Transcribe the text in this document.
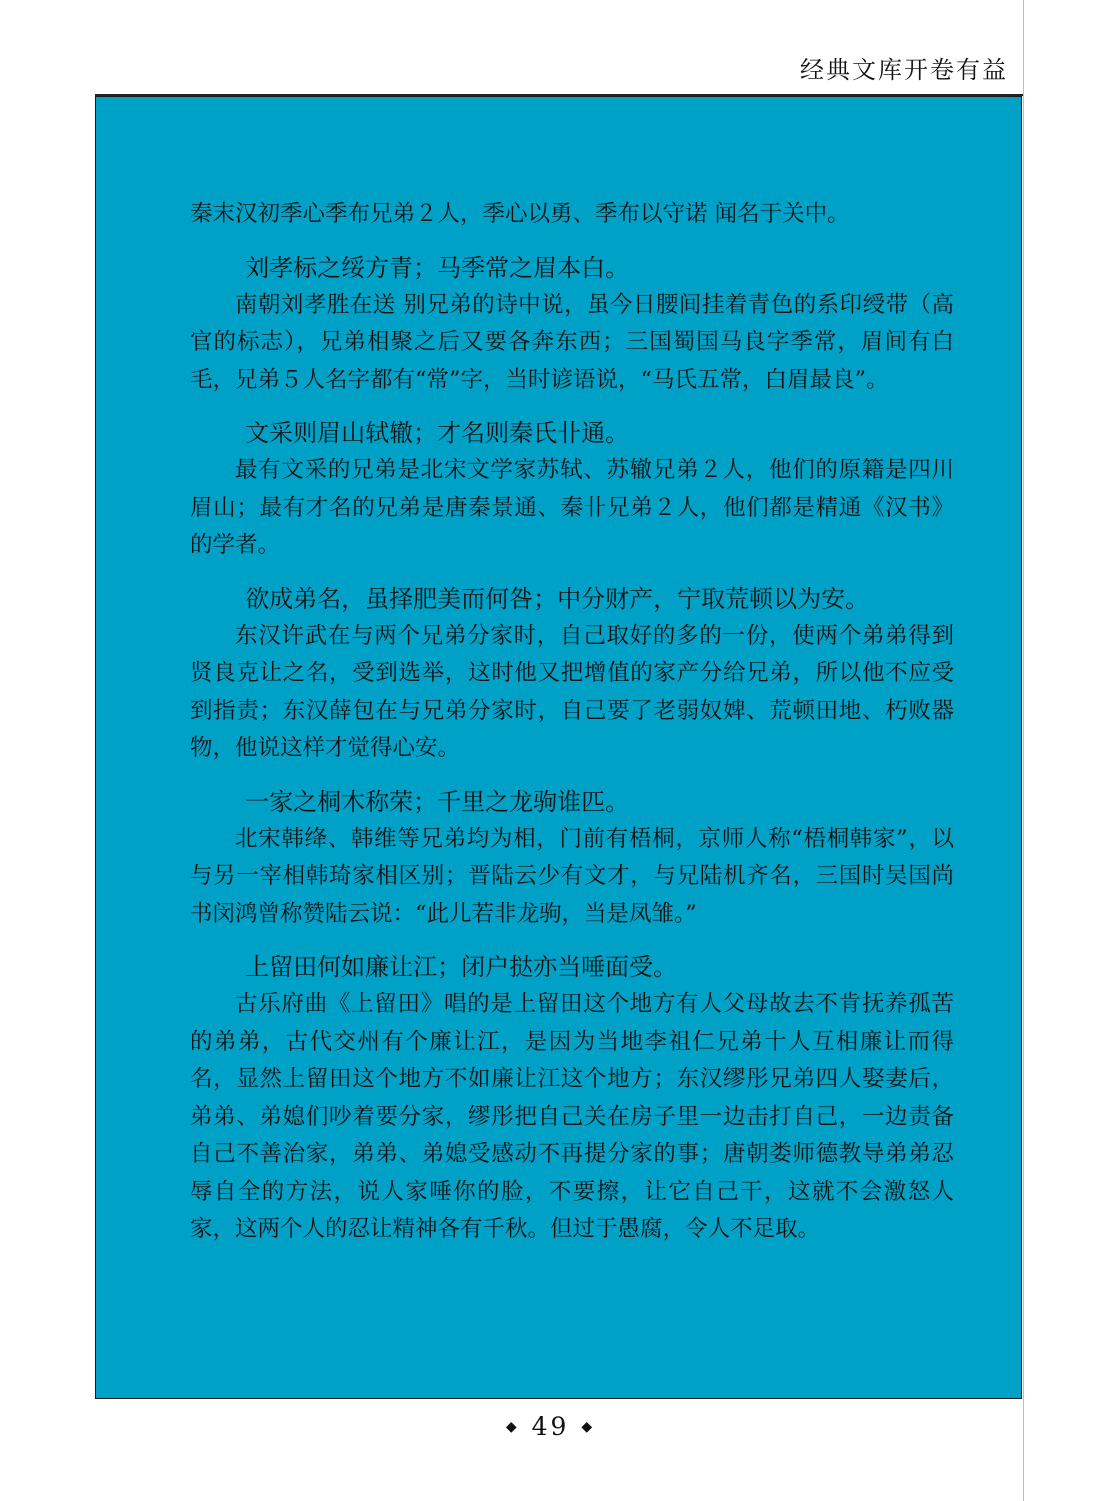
经典文库开卷有益

秦末汉初季心季布兄弟２人，季心以勇、季布以守诺 闻名于关中。

刘孝标之绥方青；马季常之眉本白。

南朝刘孝胜在送 别兄弟的诗中说，虽今日腰间挂着青色的系印绶带（高官的标志），兄弟相聚之后又要各奔东西；三国蜀国马良字季常，眉间有白毛，兄弟５人名字都有“常”字，当时谚语说，“马氏五常，白眉最良”。

文采则眉山轼辙；才名则秦氏卝通。

最有文采的兄弟是北宋文学家苏轼、苏辙兄弟２人，他们的原籍是四川眉山；最有才名的兄弟是唐秦景通、秦卝兄弟２人，他们都是精通《汉书》的学者。

欲成弟名，虽择肥美而何咎；中分财产，宁取荒顿以为安。

东汉许武在与两个兄弟分家时，自己取好的多的一份，使两个弟弟得到贤良克让之名，受到选举，这时他又把增值的家产分给兄弟，所以他不应受到指责；东汉薛包在与兄弟分家时，自己要了老弱奴婢、荒顿田地、朽败器物，他说这样才觉得心安。

一家之桐木称荣；千里之龙驹谁匹。

北宋韩绛、韩维等兄弟均为相，门前有梧桐，京师人称“梧桐韩家”，以与另一宰相韩琦家相区别；晋陆云少有文才，与兄陆机齐名，三国时吴国尚书闵鸿曾称赞陆云说：“此儿若非龙驹，当是凤雏。”

上留田何如廉让江；闭户挞亦当唾面受。

古乐府曲《上留田》唱的是上留田这个地方有人父母故去不肯抚养孤苦的弟弟，古代交州有个廉让江，是因为当地李祖仁兄弟十人互相廉让而得名，显然上留田这个地方不如廉让江这个地方；东汉缪彤兄弟四人娶妻后，弟弟、弟媳们吵着要分家，缪彤把自己关在房子里一边击打自己，一边责备自己不善治家，弟弟、弟媳受感动不再提分家的事；唐朝娄师德教导弟弟忍辱自全的方法，说人家唾你的脸，不要擦，让它自己干，这就不会激怒人家，这两个人的忍让精神各有千秋。但过于愚腐，令人不足取。

◆ 49 ◆
